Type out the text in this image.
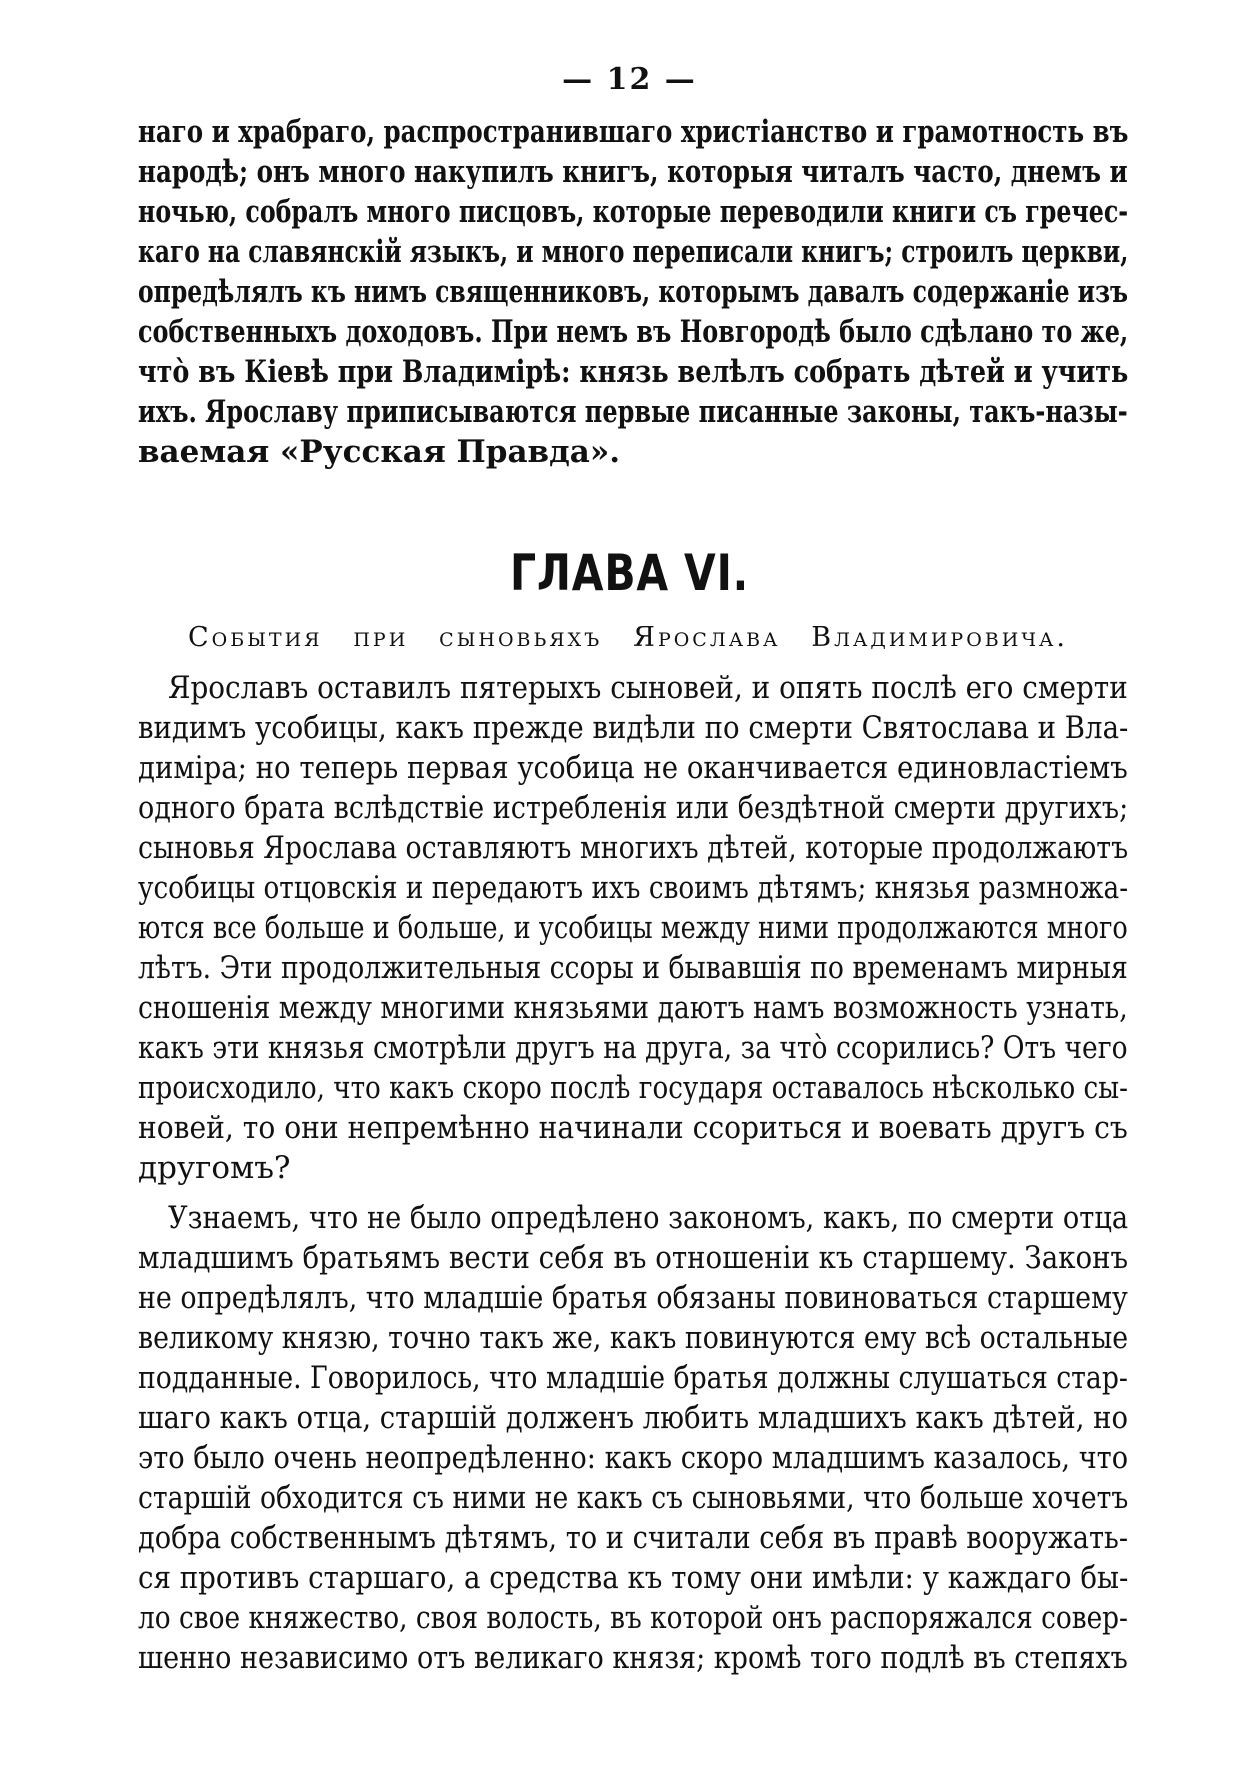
— 12 —
наго и храбраго, распространившаго христіанство и грамотность въ
народѣ; онъ много накупилъ книгъ, которыя читалъ часто, днемъ и
ночью, собралъ много писцовъ, которые переводили книги съ гречес-
каго на славянскій языкъ, и много переписали книгъ; строилъ церкви,
опредѣлялъ къ нимъ священниковъ, которымъ давалъ содержаніе изъ
собственныхъ доходовъ. При немъ въ Новгородѣ было сдѣлано то же,
что̀ въ Кіевѣ при Владимірѣ: князь велѣлъ собрать дѣтей и учить
ихъ. Ярославу приписываются первые писанные законы, такъ-назы-
ваемая «Русская Правда».
ГЛАВА VI.
События при сыновьяхъ Ярослава Владимировича.
Ярославъ оставилъ пятерыхъ сыновей, и опять послѣ его смерти
видимъ усобицы, какъ прежде видѣли по смерти Святослава и Вла-
диміра; но теперь первая усобица не оканчивается единовластіемъ
одного брата вслѣдствіе истребленія или бездѣтной смерти другихъ;
сыновья Ярослава оставляютъ многихъ дѣтей, которые продолжаютъ
усобицы отцовскія и передаютъ ихъ своимъ дѣтямъ; князья размножа-
ются все больше и больше, и усобицы между ними продолжаются много
лѣтъ. Эти продолжительныя ссоры и бывавшія по временамъ мирныя
сношенія между многими князьями даютъ намъ возможность узнать,
какъ эти князья смотрѣли другъ на друга, за что̀ ссорились? Отъ чего
происходило, что какъ скоро послѣ государя оставалось нѣсколько сы-
новей, то они непремѣнно начинали ссориться и воевать другъ съ
другомъ?
Узнаемъ, что не было опредѣлено закономъ, какъ, по смерти отца
младшимъ братьямъ вести себя въ отношеніи къ старшему. Законъ
не опредѣлялъ, что младшіе братья обязаны повиноваться старшему
великому князю, точно такъ же, какъ повинуются ему всѣ остальные
подданные. Говорилось, что младшіе братья должны слушаться стар-
шаго какъ отца, старшій долженъ любить младшихъ какъ дѣтей, но
это было очень неопредѣленно: какъ скоро младшимъ казалось, что
старшій обходится съ ними не какъ съ сыновьями, что больше хочетъ
добра собственнымъ дѣтямъ, то и считали себя въ правѣ вооружать-
ся противъ старшаго, а средства къ тому они имѣли: у каждаго бы-
ло свое княжество, своя волость, въ которой онъ распоряжался совер-
шенно независимо отъ великаго князя; кромѣ того подлѣ въ степяхъ
